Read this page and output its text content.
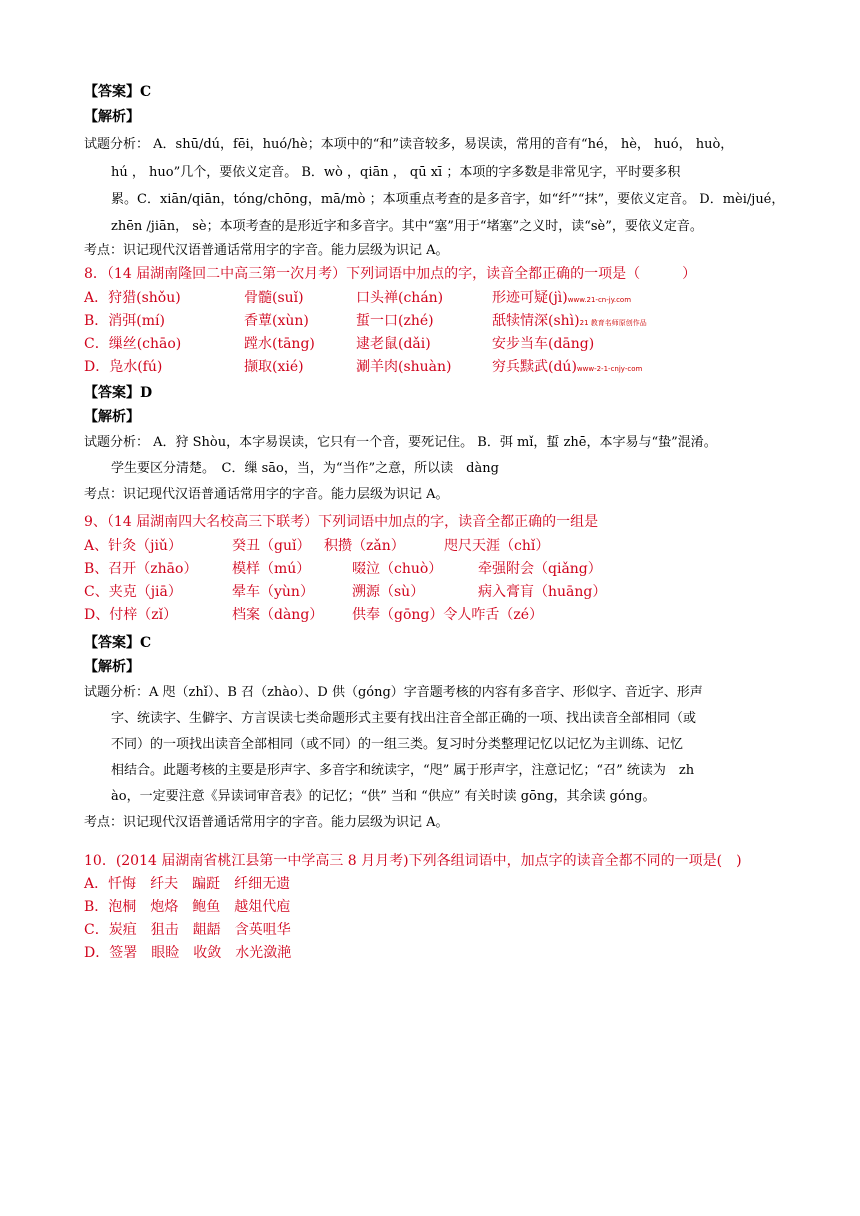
【答案】C
【解析】
试题分析： A．shū/dú，fēi，huó/hè；本项中的“和”读音较多，易误读，常用的音有“hé， hè， huó， huò，
hú ， huo”几个，要依义定音。 B．wò ，qiān ， qū xī ；本项的字多数是非常见字，平时要多积
累。C．xiān/qiān，tóng/chōng，mā/mò ；本项重点考查的是多音字，如“纤”“抹”，要依义定音。 D．mèi/jué，
zhēn /jiān， sè；本项考查的是形近字和多音字。其中“塞”用于“堵塞”之义时，读“sè”，要依义定音。
考点：识记现代汉语普通话常用字的字音。能力层级为识记 A。
8．（14 届湖南隆回二中高三第一次月考）下列词语中加点的字，读音全都正确的一项是（　　　）
A．狩猎(shǒu)	骨髓(suǐ)	口头禅(chán)	形迹可疑(jì)www.21-cn-jy.com
B．消弭(mí)	香蕈(xùn)	蜇一口(zhé)	舐犊情深(shì)21 教育名师原创作品
C．缫丝(chāo)	蹚水(tāng)	逮老鼠(dǎi)	安步当车(dāng)
D．凫水(fú)	撷取(xié)	涮羊肉(shuàn)	穷兵黩武(dú)www-2-1-cnjy-com
【答案】D
【解析】
试题分析： A．狩 Shòu，本字易误读，它只有一个音，要死记住。 B．弭 mǐ，蜇 zhē，本字易与“蛰”混淆。
学生要区分清楚。　C．缫 sāo，当，为“当作”之意，所以读　dàng
考点：识记现代汉语普通话常用字的字音。能力层级为识记 A。
9、（14 届湖南四大名校高三下联考）下列词语中加点的字，读音全都正确的一组是
A、针灸（jiǔ）	癸丑（guǐ） 积攒（zǎn）	咫尺天涯（chǐ）
B、召开（zhāo） 模样（mú）	啜泣（chuò）	牵强附会（qiǎng）
C、夹克（jiā）	晕车（yùn）	溯源（sù）	病入膏肓（huāng）
D、付梓（zǐ）	档案（dàng） 供奉（gōng）令人咋舌（zé）
【答案】C
【解析】
试题分析：A 咫（zhǐ）、B 召（zhào）、D 供（góng）字音题考核的内容有多音字、形似字、音近字、形声
字、统读字、生僻字、方言误读七类命题形式主要有找出注音全部正确的一项、找出读音全部相同（或
不同）的一项找出读音全部相同（或不同）的一组三类。复习时分类整理记忆以记忆为主训练、记忆
相结合。此题考核的主要是形声字、多音字和统读字，“咫” 属于形声字，注意记忆；“召” 统读为　zh
ào，一定要注意《异读词审音表》的记忆；“供” 当和 “供应” 有关时读 gōng，其余读 góng。
考点：识记现代汉语普通话常用字的字音。能力层级为识记 A。
10．(2014 届湖南省桃江县第一中学高三 8 月月考)下列各组词语中，加点字的读音全都不同的一项是(　)
A．忏悔　纤夫　蹁跹　纤细无遗
B．泡桐　炮烙　鲍鱼　越俎代庖
C．炭疽　狙击　龃龉　含英咀华
D．签署　眼睑　收敛　水光潋滟
